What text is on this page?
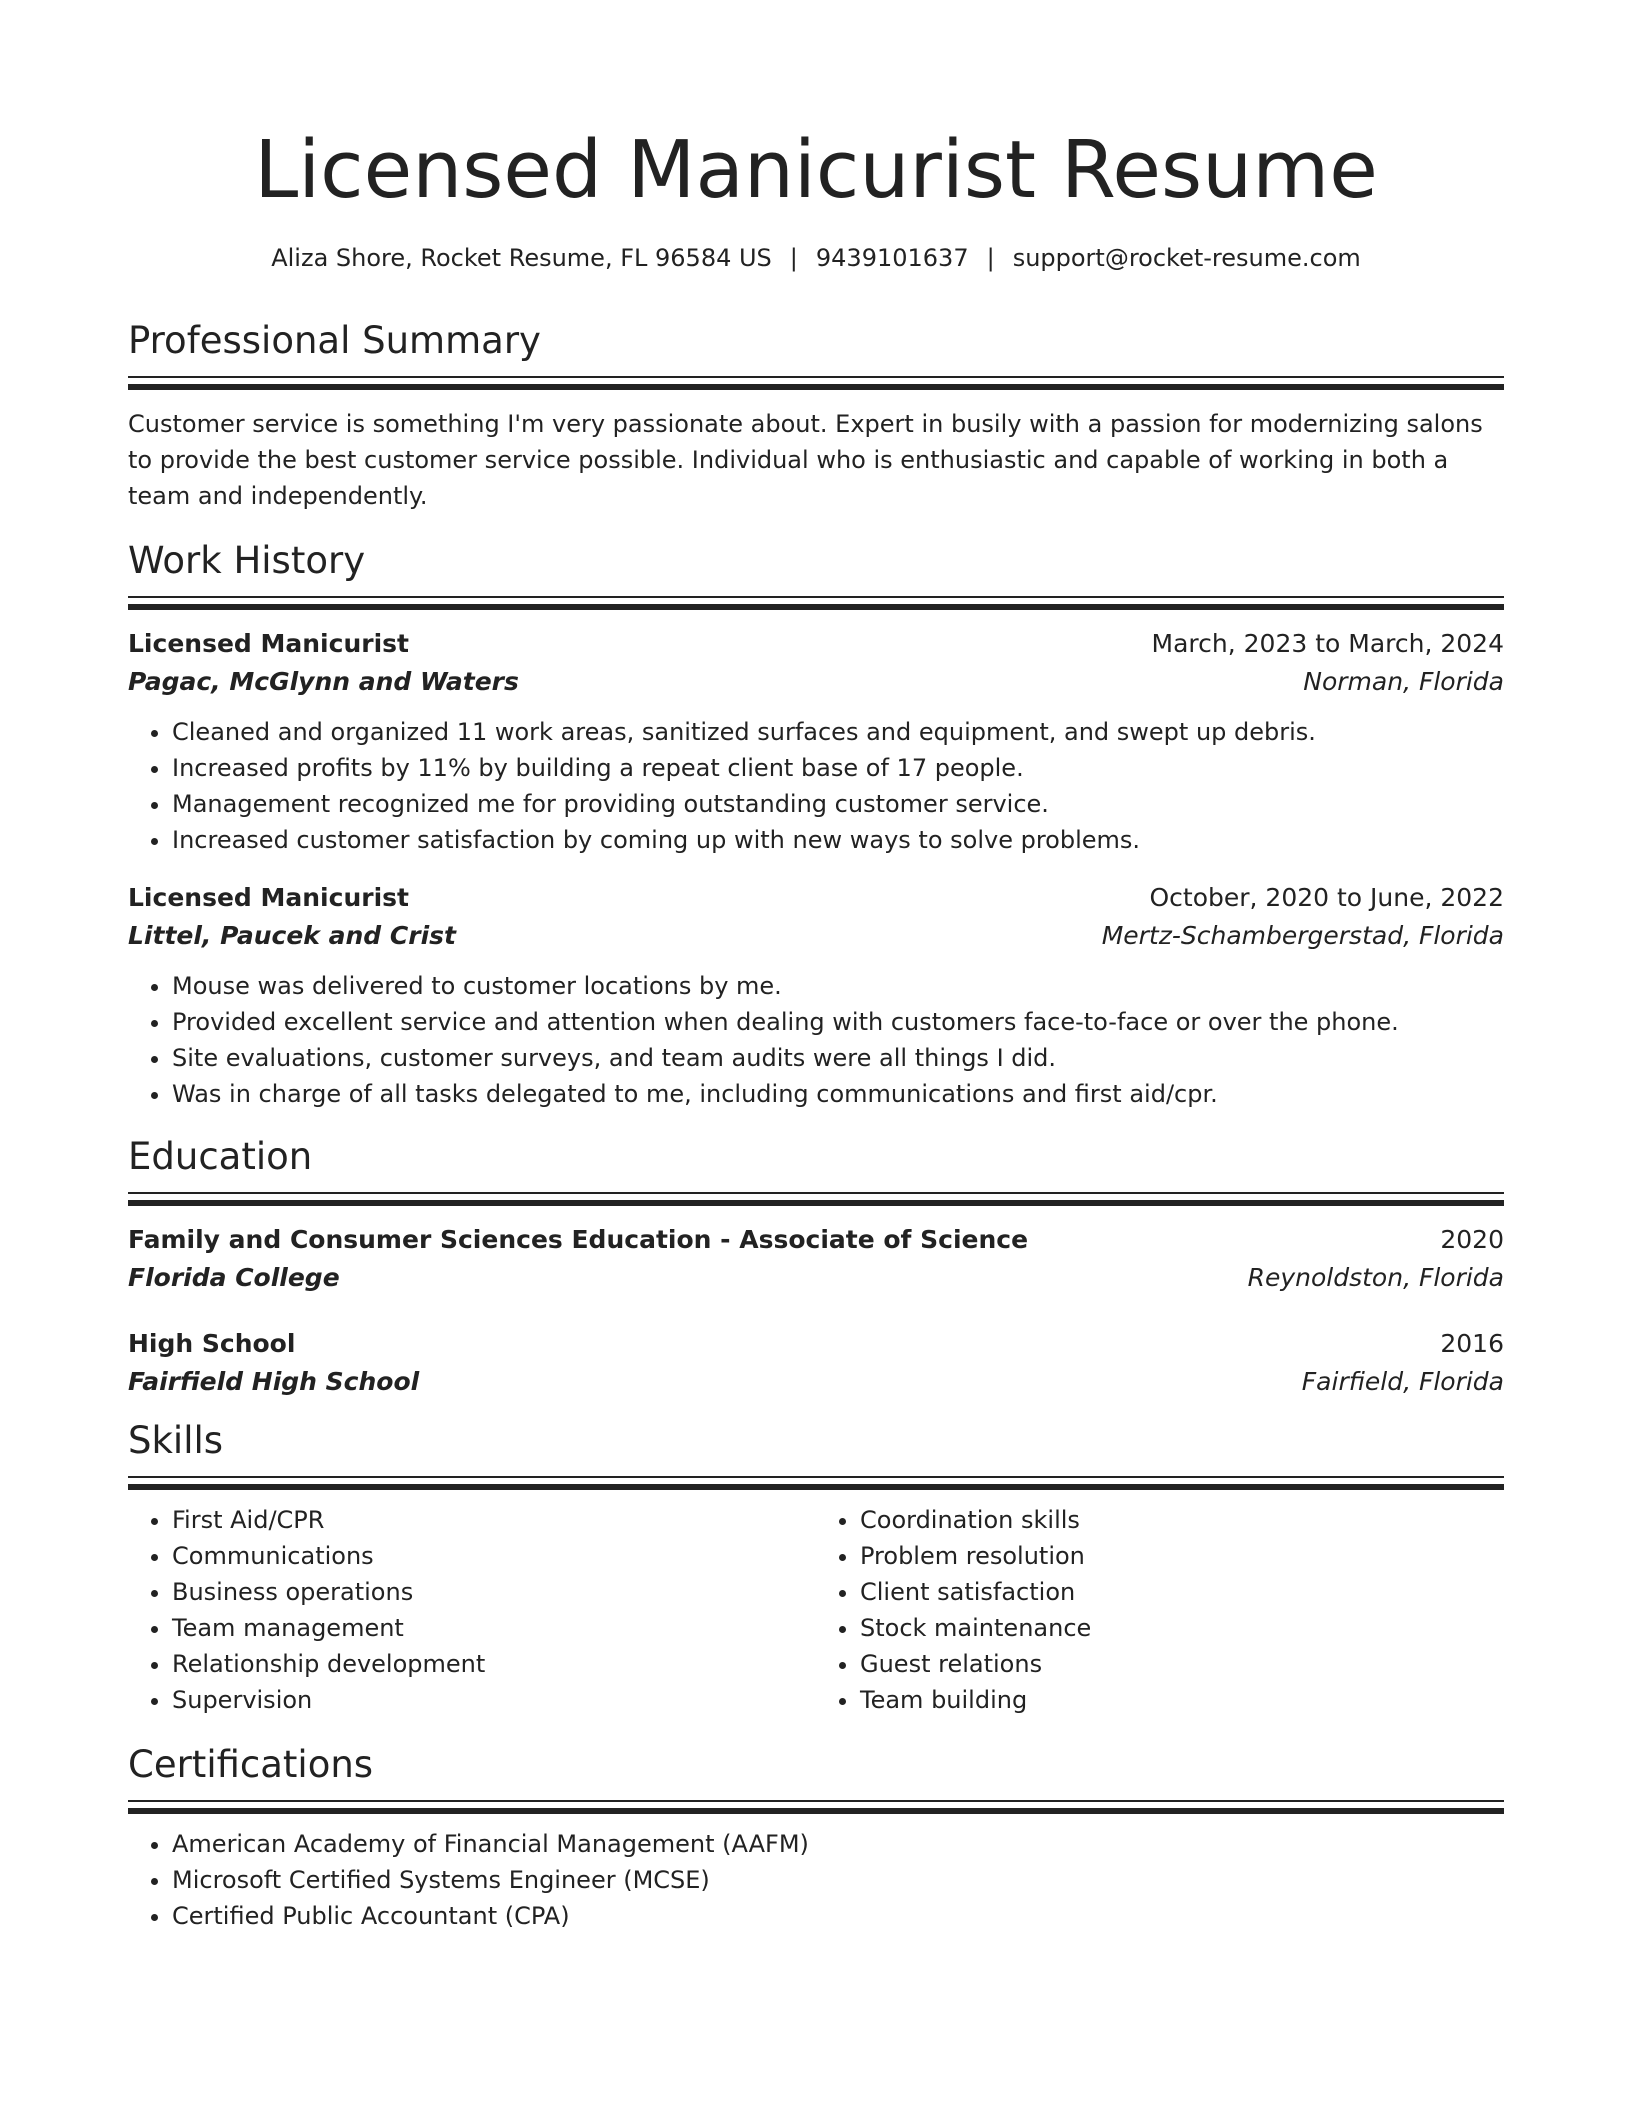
Licensed Manicurist Resume
Aliza Shore, Rocket Resume, FL 96584 US | 9439101637 | support@rocket-resume.com
Professional Summary

Customer service is something I'm very passionate about. Expert in busily with a passion for modernizing salons to provide the best customer service possible. Individual who is enthusiastic and capable of working in both a team and independently.

Work History
Licensed Manicurist	March, 2023 to March, 2024
Pagac, McGlynn and Waters	Norman, Florida
• Cleaned and organized 11 work areas, sanitized surfaces and equipment, and swept up debris.
• Increased profits by 11% by building a repeat client base of 17 people.
• Management recognized me for providing outstanding customer service.
• Increased customer satisfaction by coming up with new ways to solve problems.
Licensed Manicurist	October, 2020 to June, 2022
Littel, Paucek and Crist	Mertz-Schambergerstad, Florida
• Mouse was delivered to customer locations by me.
• Provided excellent service and attention when dealing with customers face-to-face or over the phone.
• Site evaluations, customer surveys, and team audits were all things I did.
• Was in charge of all tasks delegated to me, including communications and first aid/cpr.
Education
Family and Consumer Sciences Education - Associate of Science	2020
Florida College	Reynoldston, Florida
High School	2016
Fairfield High School	Fairfield, Florida
Skills
• First Aid/CPR
• Communications
• Business operations
• Team management
• Relationship development
• Supervision
• Coordination skills
• Problem resolution
• Client satisfaction
• Stock maintenance
• Guest relations
• Team building
Certifications
• American Academy of Financial Management (AAFM)
• Microsoft Certified Systems Engineer (MCSE)
• Certified Public Accountant (CPA)
